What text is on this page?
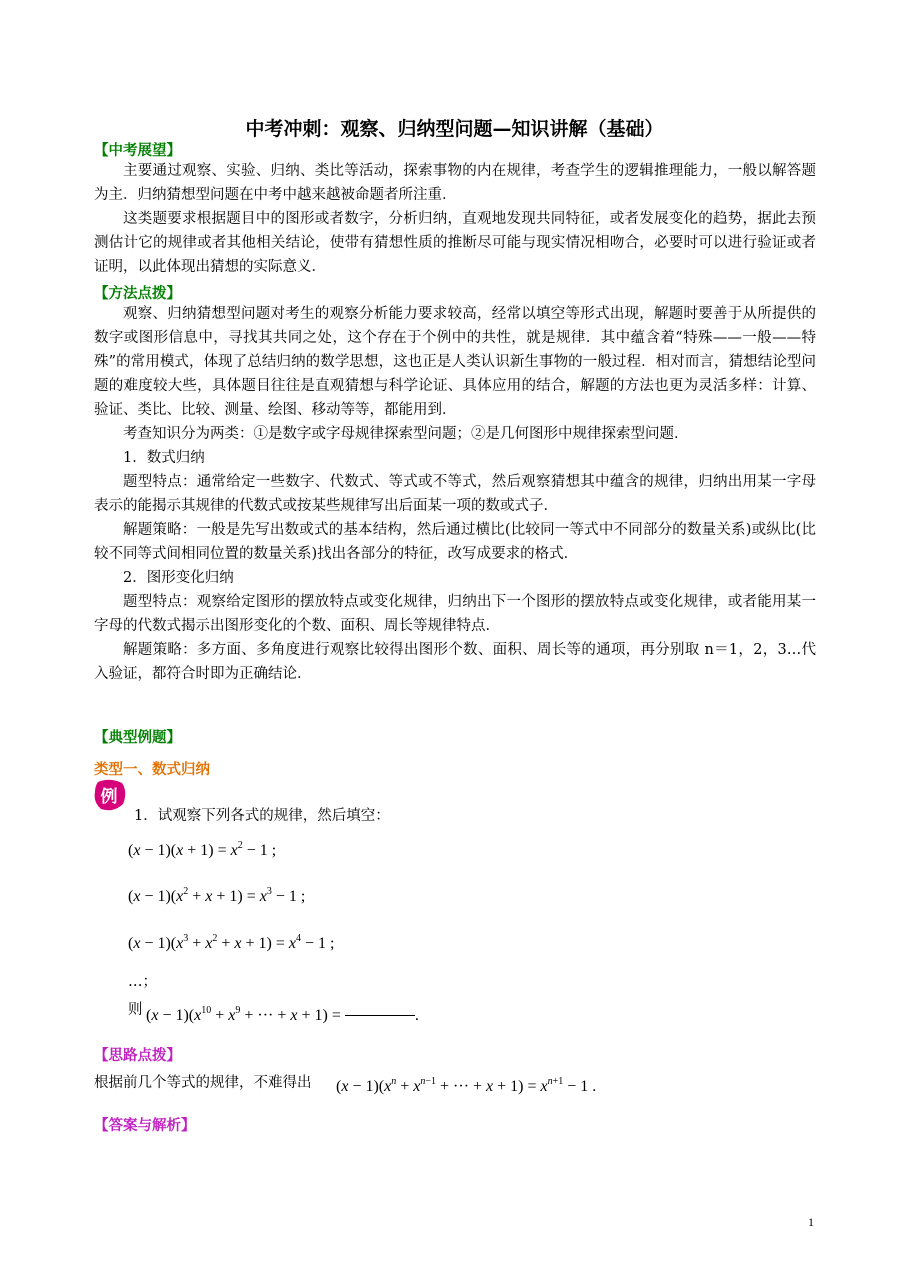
中考冲刺：观察、归纳型问题—知识讲解（基础）
【中考展望】
主要通过观察、实验、归纳、类比等活动，探索事物的内在规律，考查学生的逻辑推理能力，一般以解答题为主．归纳猜想型问题在中考中越来越被命题者所注重．
这类题要求根据题目中的图形或者数字，分析归纳，直观地发现共同特征，或者发展变化的趋势，据此去预测估计它的规律或者其他相关结论，使带有猜想性质的推断尽可能与现实情况相吻合，必要时可以进行验证或者证明，以此体现出猜想的实际意义．
【方法点拨】
观察、归纳猜想型问题对考生的观察分析能力要求较高，经常以填空等形式出现，解题时要善于从所提供的数字或图形信息中，寻找其共同之处，这个存在于个例中的共性，就是规律．其中蕴含着“特殊——一般——特殊”的常用模式，体现了总结归纳的数学思想，这也正是人类认识新生事物的一般过程．相对而言，猜想结论型问题的难度较大些，具体题目往往是直观猜想与科学论证、具体应用的结合，解题的方法也更为灵活多样：计算、验证、类比、比较、测量、绘图、移动等等，都能用到．
考查知识分为两类：①是数字或字母规律探索型问题；②是几何图形中规律探索型问题．
1．数式归纳
题型特点：通常给定一些数字、代数式、等式或不等式，然后观察猜想其中蕴含的规律，归纳出用某一字母表示的能揭示其规律的代数式或按某些规律写出后面某一项的数或式子．
解题策略：一般是先写出数或式的基本结构，然后通过横比(比较同一等式中不同部分的数量关系)或纵比(比较不同等式间相同位置的数量关系)找出各部分的特征，改写成要求的格式．
2．图形变化归纳
题型特点：观察给定图形的摆放特点或变化规律，归纳出下一个图形的摆放特点或变化规律，或者能用某一字母的代数式揭示出图形变化的个数、面积、周长等规律特点．
解题策略：多方面、多角度进行观察比较得出图形个数、面积、周长等的通项，再分别取 n＝1，2，3…代入验证，都符合时即为正确结论．
【典型例题】
类型一、数式归纳
例
1．试观察下列各式的规律，然后填空：
$(x - 1)(x + 1) = x^2 - 1$ ;
$(x - 1)(x^2 + x + 1) = x^3 - 1$ ;
$(x - 1)(x^3 + x^2 + x + 1) = x^4 - 1$ ;
…；
则 $(x - 1)(x^{10} + x^9$ + ··· + x + 1) =	.
【思路点拨】
根据前几个等式的规律，不难得出 $(x - 1)(x^n + x^{n-1}$ + ··· + $x + 1) = x^{n+1} - 1$ .
【答案与解析】
1
